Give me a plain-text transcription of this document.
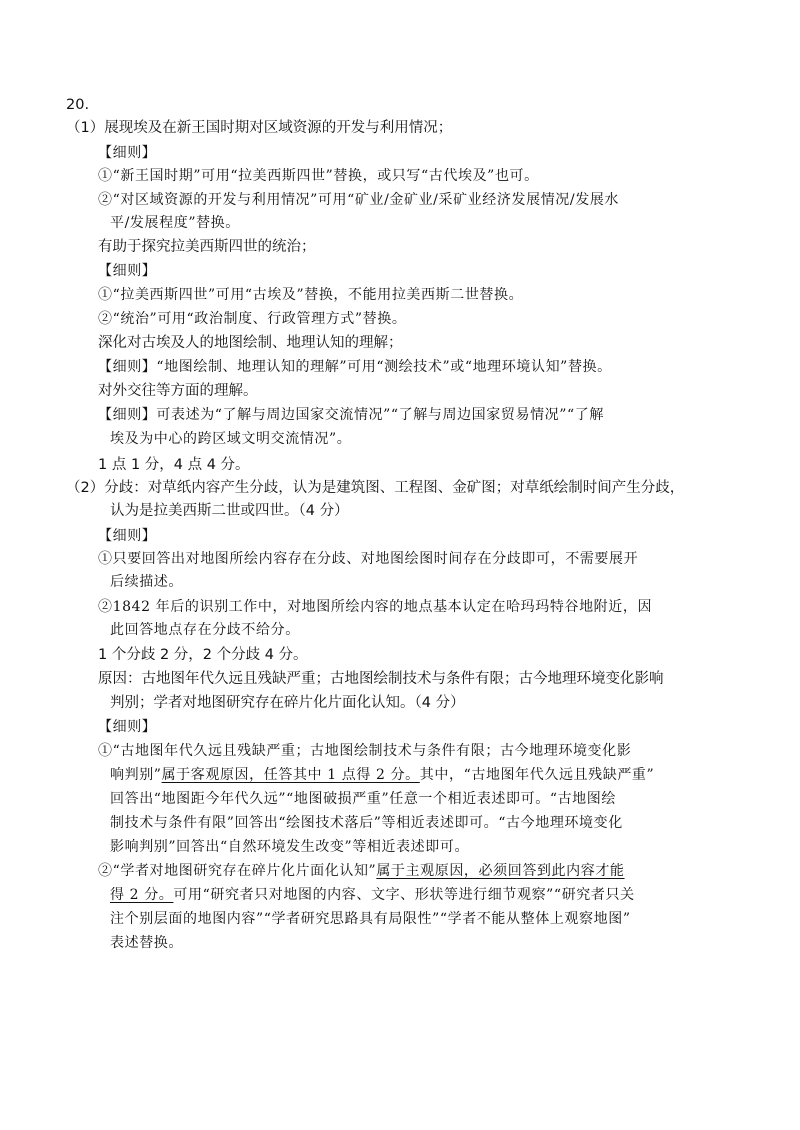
20.
（1）展现埃及在新王国时期对区域资源的开发与利用情况；
【细则】
①“新王国时期”可用“拉美西斯四世”替换，或只写“古代埃及”也可。
②“对区域资源的开发与利用情况”可用“矿业/金矿业/采矿业经济发展情况/发展水
平/发展程度”替换。
有助于探究拉美西斯四世的统治；
【细则】
①“拉美西斯四世”可用“古埃及”替换，不能用拉美西斯二世替换。
②“统治”可用“政治制度、行政管理方式”替换。
深化对古埃及人的地图绘制、地理认知的理解；
【细则】“地图绘制、地理认知的理解”可用“测绘技术”或“地理环境认知”替换。
对外交往等方面的理解。
【细则】可表述为“了解与周边国家交流情况”“了解与周边国家贸易情况”“了解
埃及为中心的跨区域文明交流情况”。
1 点 1 分，4 点 4 分。
（2）分歧：对草纸内容产生分歧，认为是建筑图、工程图、金矿图；对草纸绘制时间产生分歧，
认为是拉美西斯二世或四世。（4 分）
【细则】
①只要回答出对地图所绘内容存在分歧、对地图绘图时间存在分歧即可，不需要展开
后续描述。
②1842 年后的识别工作中，对地图所绘内容的地点基本认定在哈玛玛特谷地附近，因
此回答地点存在分歧不给分。
1 个分歧 2 分，2 个分歧 4 分。
原因：古地图年代久远且残缺严重；古地图绘制技术与条件有限；古今地理环境变化影响
判别；学者对地图研究存在碎片化片面化认知。（4 分）
【细则】
①“古地图年代久远且残缺严重；古地图绘制技术与条件有限；古今地理环境变化影
响判别”属于客观原因，任答其中 1 点得 2 分。其中，“古地图年代久远且残缺严重”
回答出“地图距今年代久远”“地图破损严重”任意一个相近表述即可。“古地图绘
制技术与条件有限”回答出“绘图技术落后”等相近表述即可。“古今地理环境变化
影响判别”回答出“自然环境发生改变”等相近表述即可。
②“学者对地图研究存在碎片化片面化认知”属于主观原因，必须回答到此内容才能
得 2 分。可用“研究者只对地图的内容、文字、形状等进行细节观察”“研究者只关
注个别层面的地图内容”“学者研究思路具有局限性”“学者不能从整体上观察地图”
表述替换。
